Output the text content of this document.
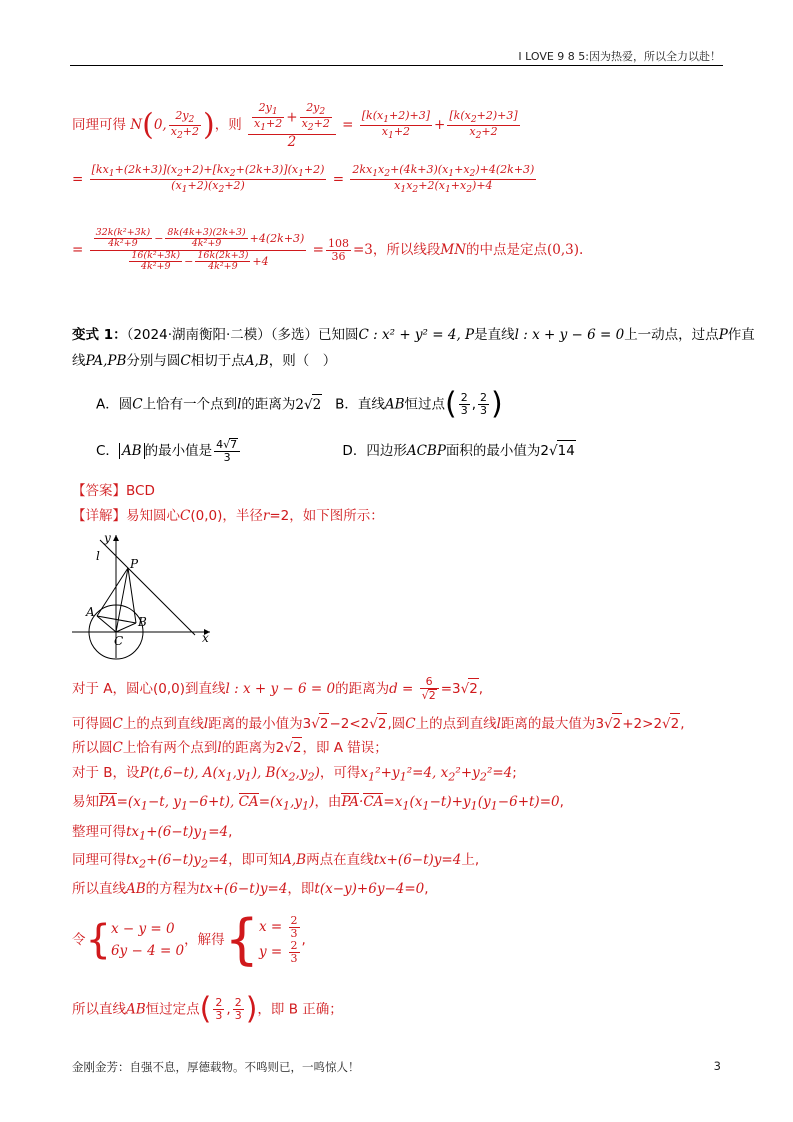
I LOVE 9 8 5:因为热爱，所以全力以赴！
同理可得 N(0, $\frac{2y_2}{x_2+2}$ )，则 $\frac{\frac{2y_1}{x_1+2} + \frac{2y_2}{x_2+2}}{2} = \frac{[k(x_1+2)+3]}{x_1+2} + \frac{[k(x_2+2)+3]}{x_2+2}$
= $\frac{[kx_1+(2k+3)](x_2+2)+[kx_2+(2k+3)](x_1+2)}{(x_1+2)(x_2+2)} = \frac{2kx_1x_2+(4k+3)(x_1+x_2)+4(2k+3)}{x_1x_2+2(x_1+x_2)+4}$
= $\frac{\frac{\text{32k(k²+3k)}}{\text{4k²+9}} - \frac{8k(4k+3)(2k+3)}{\text{4k²+9}} +4(2k+3)}{\frac{\text{16(k²+3k)}}{\text{4k²+9}} - \frac{16k(2k+3)}{\text{4k²+9}} +4} = \frac{108}{36} =3$，所以线段MN的中点是定点(0,3).
变式 1：（2024·湖南衡阳·二模）（多选）已知圆C : x² + y² = 4, P是直线l : x + y − 6 = 0上一动点，过点P作直
线PA,PB分别与圆C相切于点A,B，则（　）
A．圆C上恰有一个点到l的距离为2√2 B．直线AB恒过点( $\frac{2}{3}$ , $\frac{2}{3}$ )
C． AB 的最小值是 $\frac{4√7}{3}$	D．四边形ACBP面积的最小值为2√14
【答案】BCD
【详解】易知圆心C(0,0)，半径r=2，如下图所示：
y
l
P
A
B
C	x
对于 A，圆心(0,0)到直线l : x + y − 6 = 0的距离为$d = \frac{6}{√2} =3√2$,
可得圆C上的点到直线l距离的最小值为3√2−2<2√2,圆C上的点到直线l距离的最大值为3√2+2>2√2,
所以圆C上恰有两个点到l的距离为2√2，即 A 错误；
对于 B，设P(t,6−t), $A(x_1,y_1)$, $B(x_2,y_2)$，可得$x_1^2+y_1^2=4$, $x_2^2+y_2^2=4$;
易知$PA=(x_1-t$, $y_1-6+t$), $CA=(x_1,y_1)$，由$PA\cdot CA=x_1(x_1-t)+y_1(y_1-6+t)=0$,
整理可得$tx_1+(6-t)y_1=4$,
同理可得$tx_2+(6-t)y_2=4$，即可知A,B两点在直线tx+(6−t)y=4上,
所以直线AB的方程为tx+(6−t)y=4，即t(x−y)+6y−4=0,
令{ x − y = 0
6y − 4 = 0
，解得{ $x = \frac{2}{3}$
$y = \frac{2}{3}$ ,
所以直线AB恒过定点( $\frac{2}{3}$ , $\frac{2}{3}$ )，即 B 正确；
金刚金芳：自强不息，厚德载物。不鸣则已，一鸣惊人！	3
